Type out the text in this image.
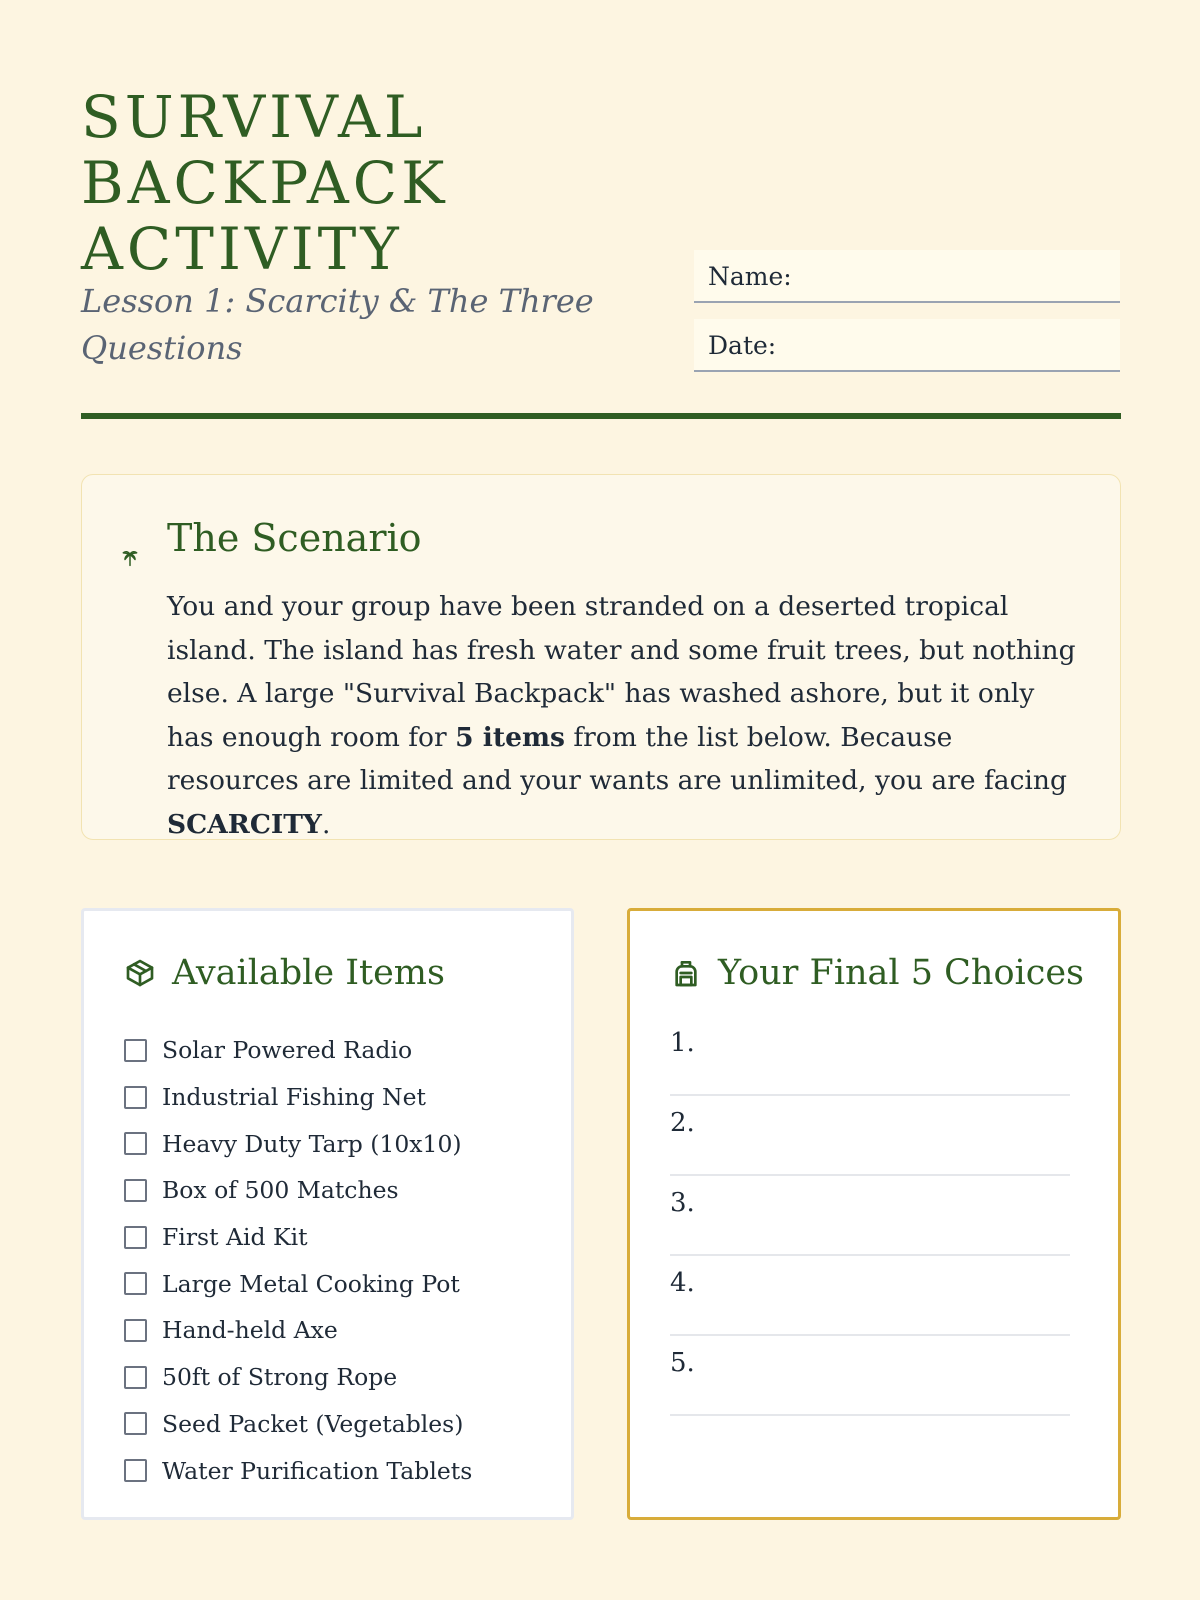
SURVIVAL BACKPACK ACTIVITY
Lesson 1: Scarcity & The Three Questions
Name:
Date:
The Scenario

You and your group have been stranded on a deserted tropical island. The island has fresh water and some fruit trees, but nothing else. A large "Survival Backpack" has washed ashore, but it only has enough room for 5 items from the list below. Because resources are limited and your wants are unlimited, you are facing SCARCITY.

Available Items
Solar Powered Radio
Industrial Fishing Net
Heavy Duty Tarp (10x10)
Box of 500 Matches
First Aid Kit
Large Metal Cooking Pot
Hand-held Axe
50ft of Strong Rope
Seed Packet (Vegetables)
Water Purification Tablets
Your Final 5 Choices
1.
2.
3.
4.
5.
